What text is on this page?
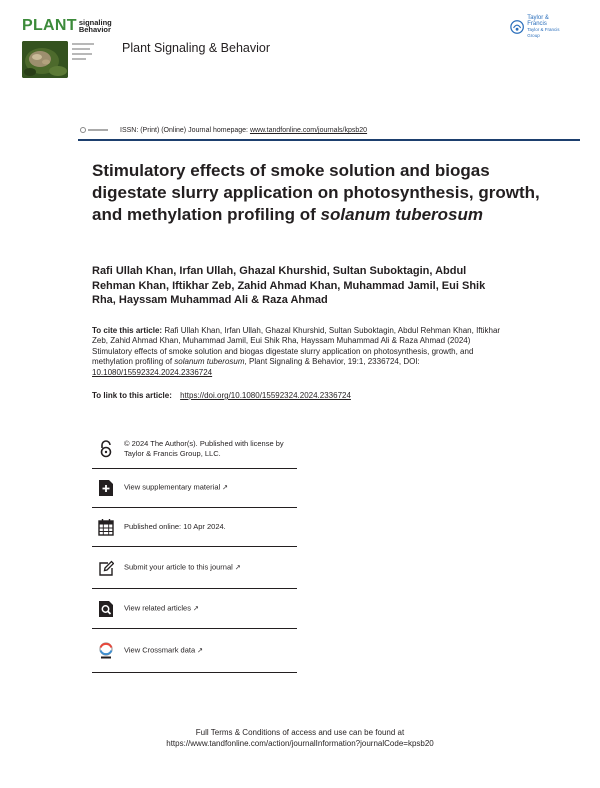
PLANT signaling
Behavior
Plant Signaling & Behavior
Taylor & Francis
Taylor & Francis Group
ISSN: (Print) (Online) Journal homepage: www.tandfonline.com/journals/kpsb20
Stimulatory effects of smoke solution and biogas digestate slurry application on photosynthesis, growth, and methylation profiling of solanum tuberosum
Rafi Ullah Khan, Irfan Ullah, Ghazal Khurshid, Sultan Suboktagin, Abdul Rehman Khan, Iftikhar Zeb, Zahid Ahmad Khan, Muhammad Jamil, Eui Shik Rha, Hayssam Muhammad Ali & Raza Ahmad
To cite this article: Rafi Ullah Khan, Irfan Ullah, Ghazal Khurshid, Sultan Suboktagin, Abdul Rehman Khan, Iftikhar Zeb, Zahid Ahmad Khan, Muhammad Jamil, Eui Shik Rha, Hayssam Muhammad Ali & Raza Ahmad (2024) Stimulatory effects of smoke solution and biogas digestate slurry application on photosynthesis, growth, and methylation profiling of solanum tuberosum, Plant Signaling & Behavior, 19:1, 2336724, DOI: 10.1080/15592324.2024.2336724
To link to this article: https://doi.org/10.1080/15592324.2024.2336724
© 2024 The Author(s). Published with license by Taylor & Francis Group, LLC.
View supplementary material ↗
Published online: 10 Apr 2024.
Submit your article to this journal ↗
View related articles ↗
View Crossmark data ↗
Full Terms & Conditions of access and use can be found at
https://www.tandfonline.com/action/journalInformation?journalCode=kpsb20
